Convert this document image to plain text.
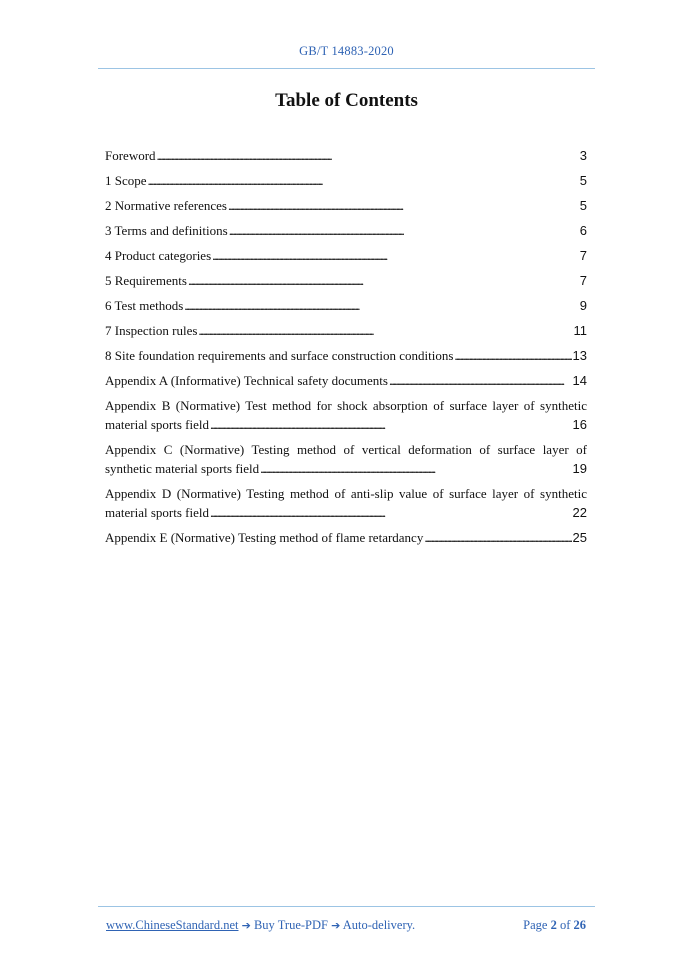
GB/T 14883-2020
Table of Contents
Foreword . . .	3
1 Scope . . .	5
2 Normative references . . .	5
3 Terms and definitions . . .	6
4 Product categories . . .	7
5 Requirements . . .	7
6 Test methods . . .	9
7 Inspection rules . . .	11
8 Site foundation requirements and surface construction conditions . . .	13
Appendix A (Informative) Technical safety documents . . .	14
Appendix B (Normative) Test method for shock absorption of surface layer of synthetic
material sports field . . .	16
Appendix C (Normative) Testing method of vertical deformation of surface layer of
synthetic material sports field . . .	19
Appendix D (Normative) Testing method of anti-slip value of surface layer of synthetic
material sports field . . .	22
Appendix E (Normative) Testing method of flame retardancy . . .	25
www.ChineseStandard.net ➔ Buy True-PDF ➔ Auto-delivery.	Page 2 of 26
